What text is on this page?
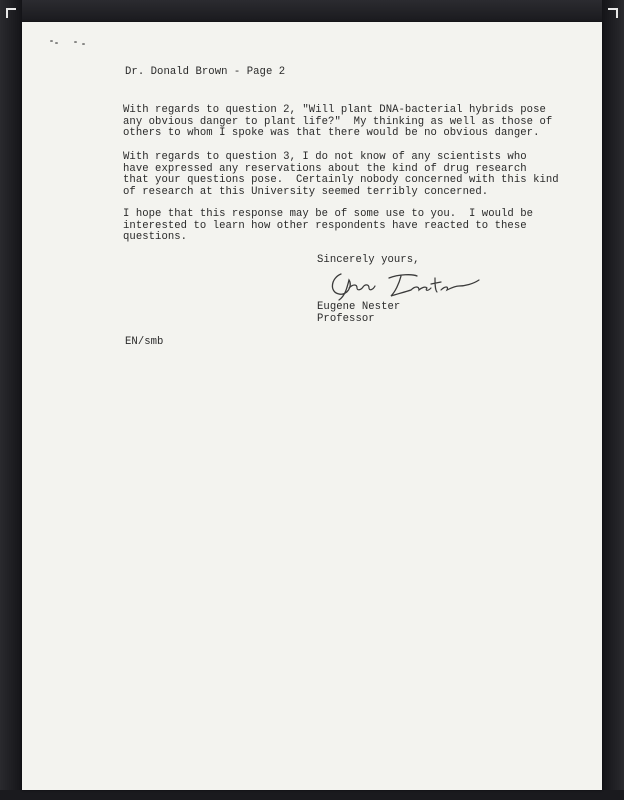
Dr. Donald Brown - Page 2
With regards to question 2, "Will plant DNA-bacterial hybrids pose
any obvious danger to plant life?"  My thinking as well as those of
others to whom I spoke was that there would be no obvious danger.
With regards to question 3, I do not know of any scientists who
have expressed any reservations about the kind of drug research
that your questions pose.  Certainly nobody concerned with this kind
of research at this University seemed terribly concerned.
I hope that this response may be of some use to you.  I would be
interested to learn how other respondents have reacted to these
questions.
Sincerely yours,
Eugene Nester
Professor
EN/smb
